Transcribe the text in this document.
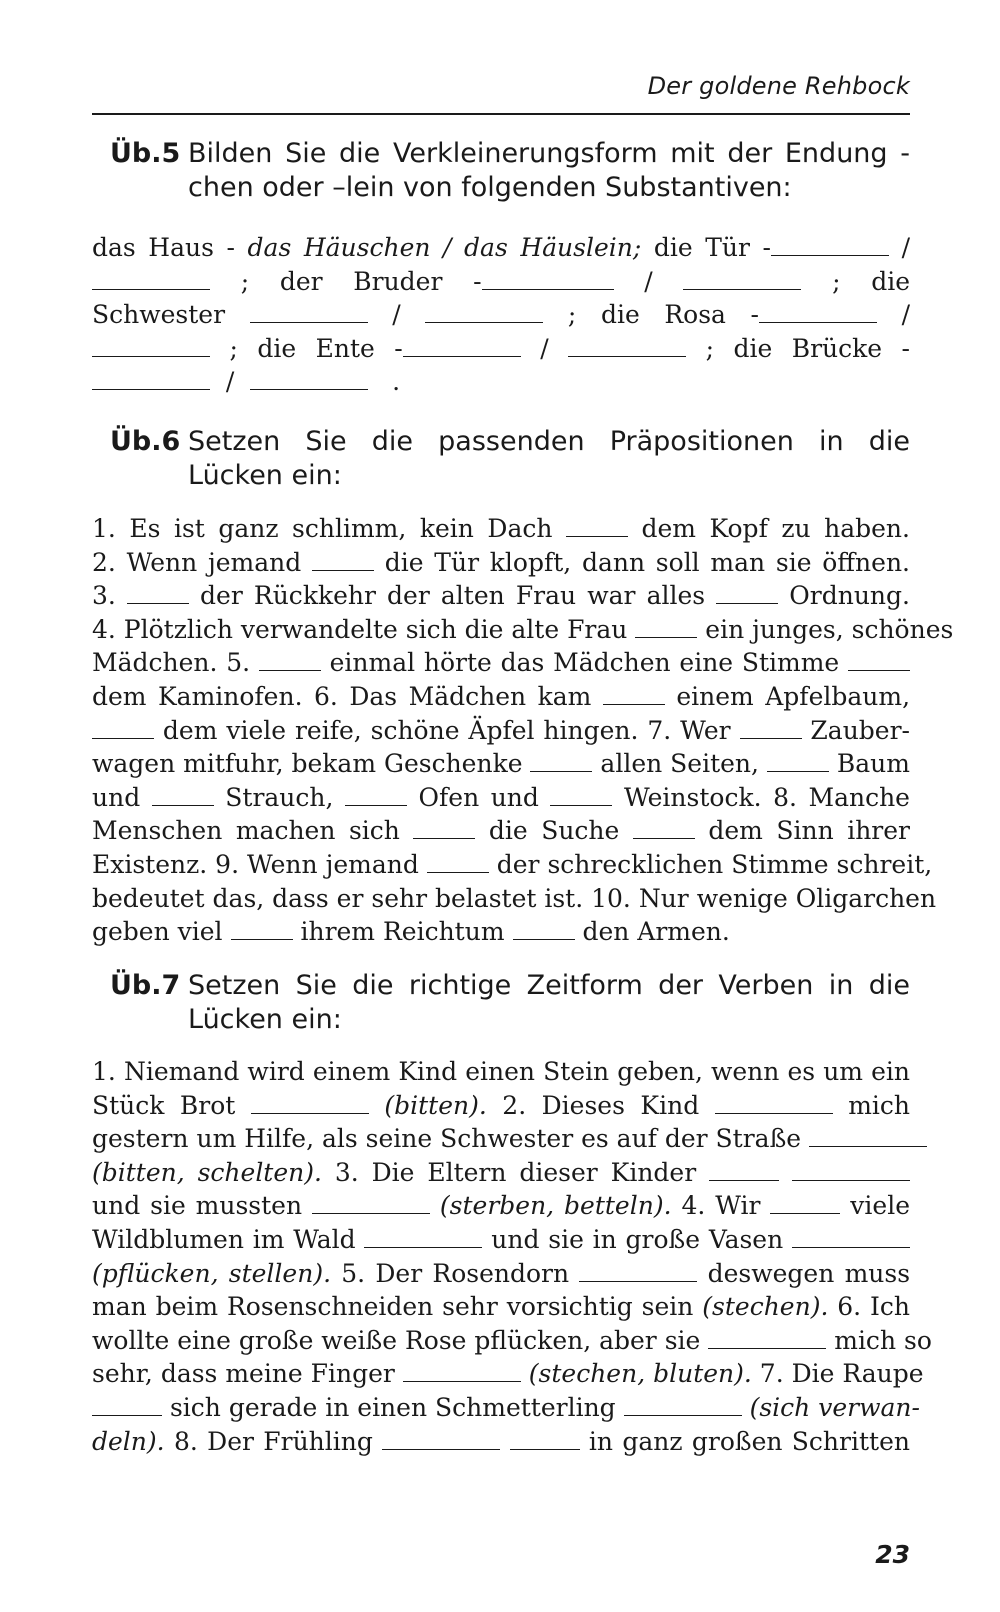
Der goldene Rehbock
Üb.5 Bilden Sie die Verkleinerungsform mit der Endung -chen oder –lein von folgenden Substantiven:
das Haus - das Häuschen / das Häuslein; die Tür -	/
; der Bruder -	/	; die
Schwester	/	; die Rosa -	/
; die Ente -	/	; die Brücke -
/	.
Üb.6 Setzen Sie die passenden Präpositionen in die Lücken ein:
1. Es ist ganz schlimm, kein Dach	dem Kopf zu haben.
2. Wenn jemand	die Tür klopft, dann soll man sie öffnen.
3.	der Rückkehr der alten Frau war alles	Ordnung.
4. Plötzlich verwandelte sich die alte Frau	ein junges, schönes
Mädchen. 5.	einmal hörte das Mädchen eine Stimme
dem Kaminofen. 6. Das Mädchen kam	einem Apfelbaum,
dem viele reife, schöne Äpfel hingen. 7. Wer	Zauber-
wagen mitfuhr, bekam Geschenke	allen Seiten,	Baum
und	Strauch,	Ofen und	Weinstock. 8. Manche
Menschen machen sich	die Suche	dem Sinn ihrer
Existenz. 9. Wenn jemand	der schrecklichen Stimme schreit,
bedeutet das, dass er sehr belastet ist. 10. Nur wenige Oligarchen
geben viel	ihrem Reichtum	den Armen.
Üb.7 Setzen Sie die richtige Zeitform der Verben in die Lücken ein:
1. Niemand wird einem Kind einen Stein geben, wenn es um ein
Stück Brot	(bitten). 2. Dieses Kind	mich
gestern um Hilfe, als seine Schwester es auf der Straße
(bitten, schelten). 3. Die Eltern dieser Kinder
und sie mussten	(sterben, betteln). 4. Wir	viele
Wildblumen im Wald	und sie in große Vasen
(pflücken, stellen). 5. Der Rosendorn	deswegen muss
man beim Rosenschneiden sehr vorsichtig sein (stechen). 6. Ich
wollte eine große weiße Rose pflücken, aber sie	mich so
sehr, dass meine Finger	(stechen, bluten). 7. Die Raupe
sich gerade in einen Schmetterling	(sich verwan-
deln). 8. Der Frühling	in ganz großen Schritten
23
